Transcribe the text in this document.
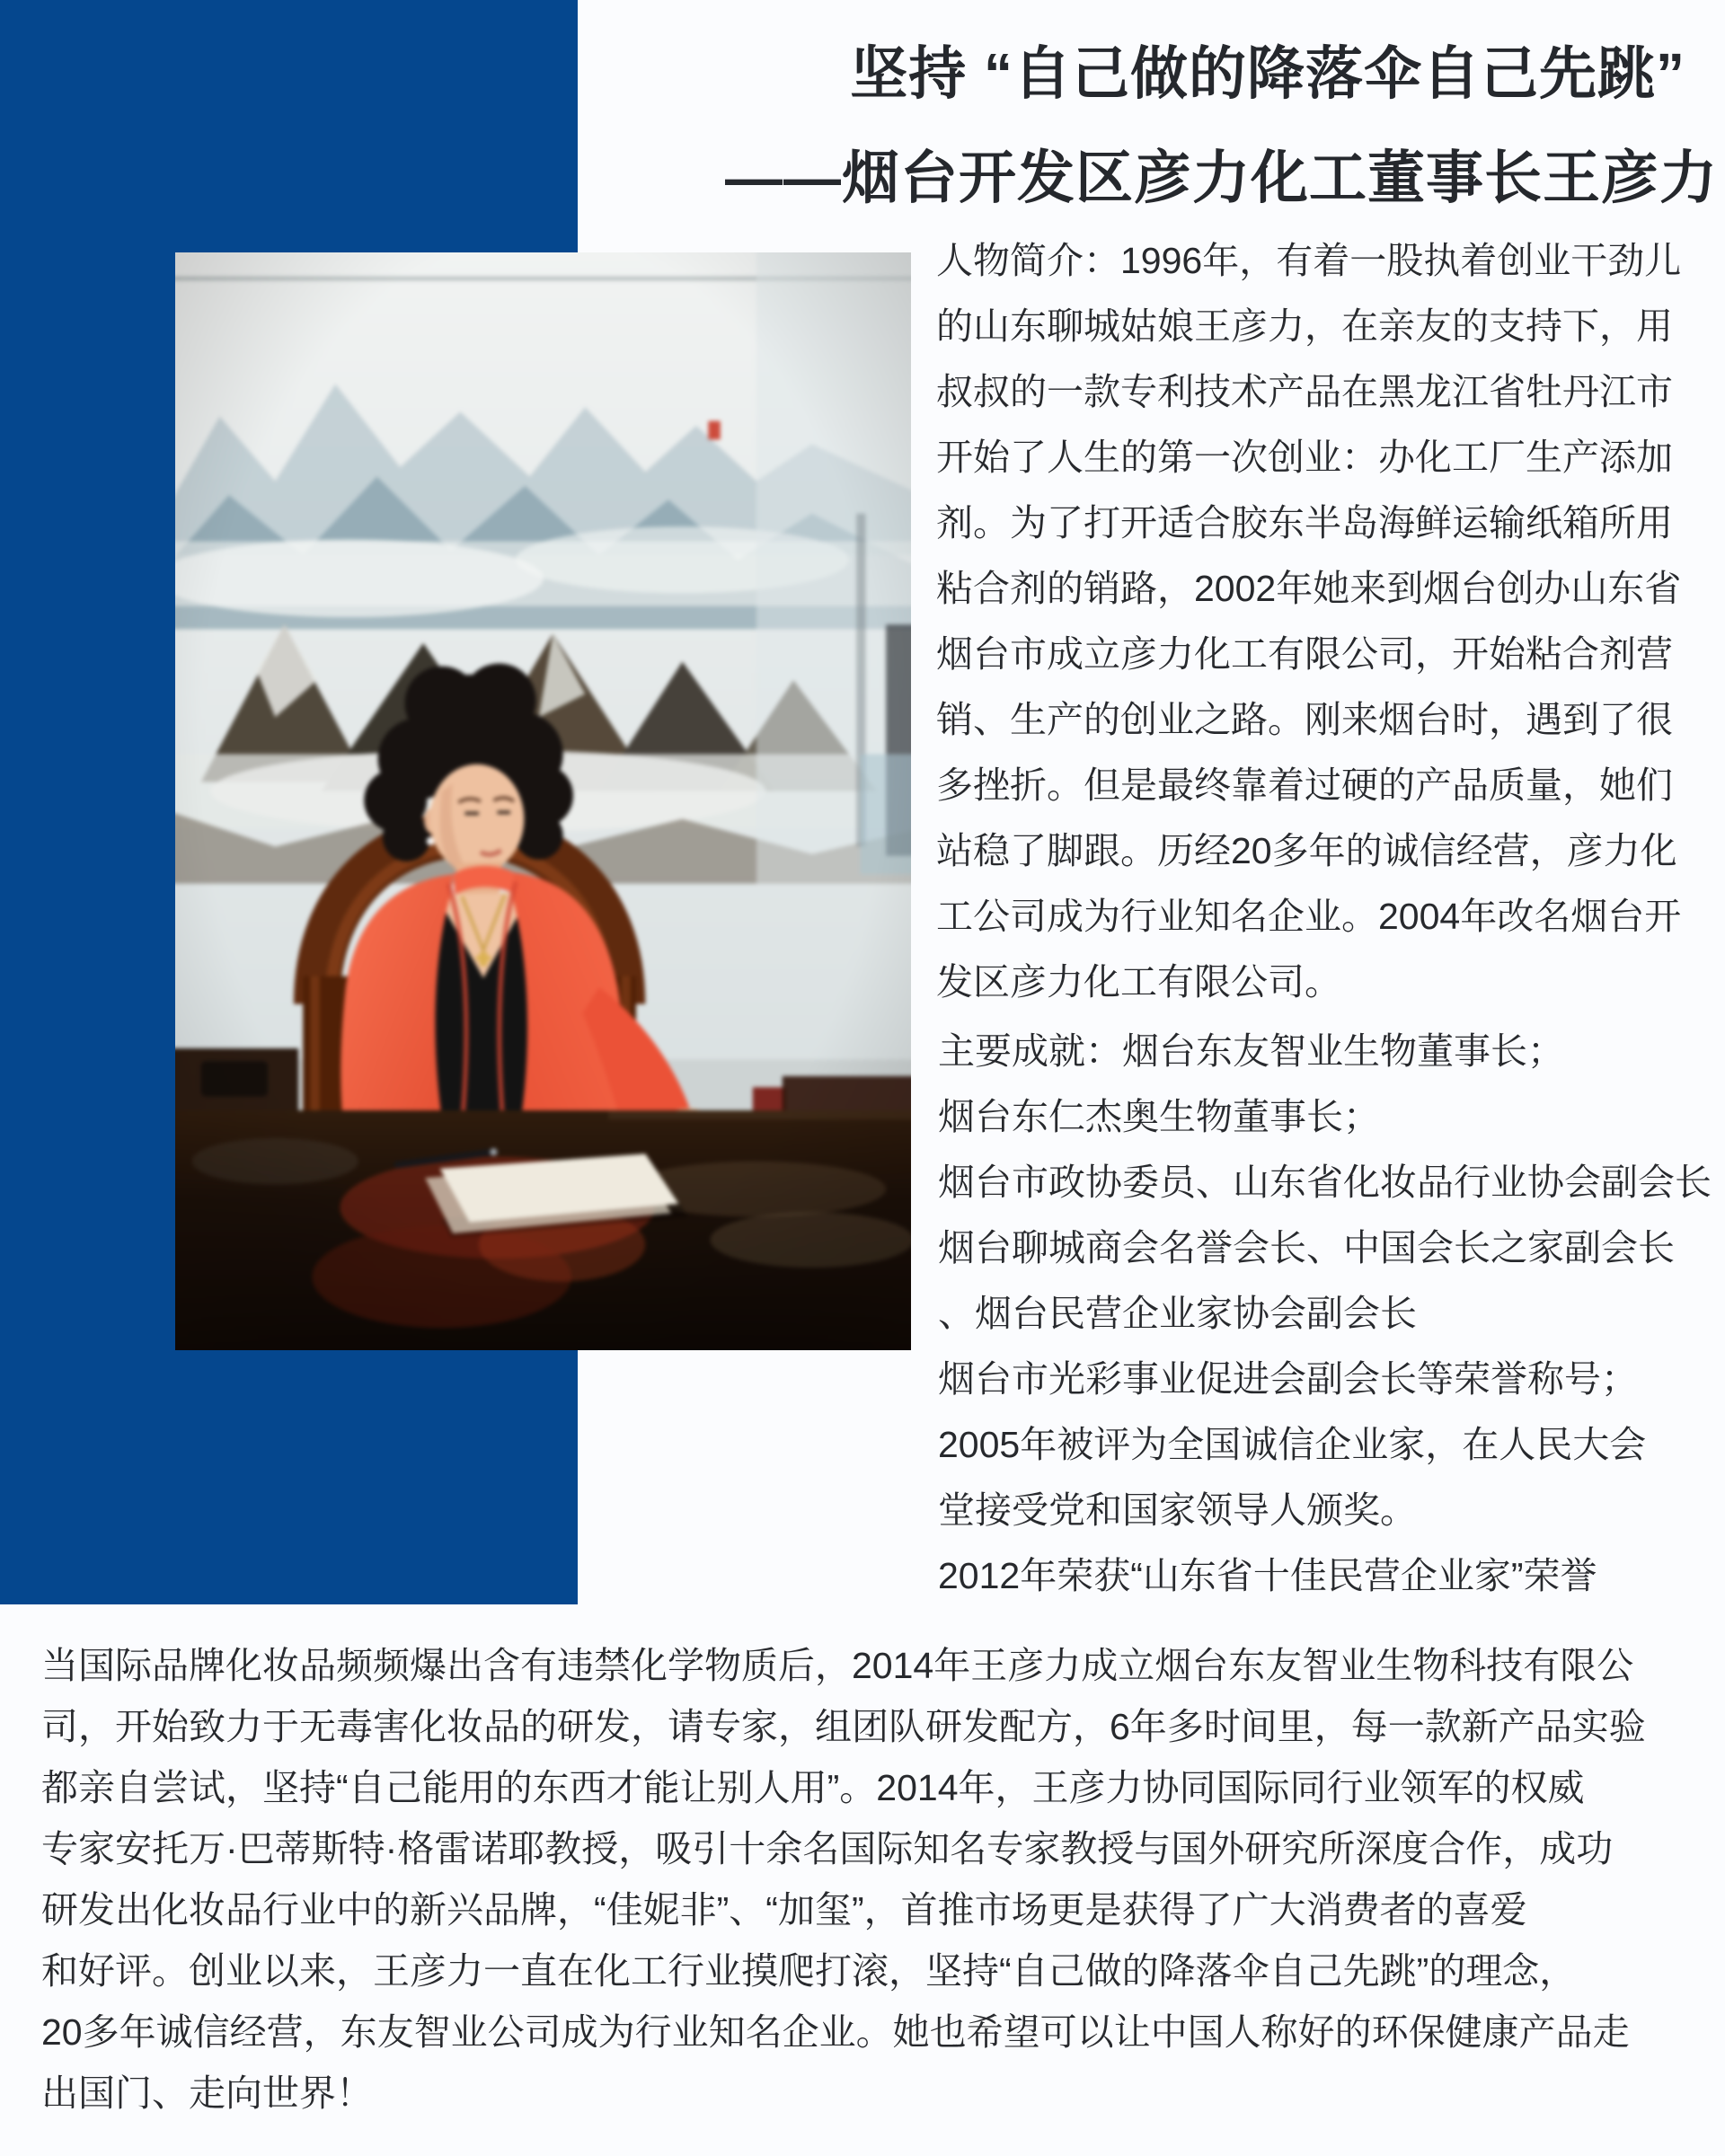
坚持 “自己做的降落伞自己先跳”
——烟台开发区彦力化工董事长王彦力
人物简介：1996年，有着一股执着创业干劲儿
的山东聊城姑娘王彦力，在亲友的支持下，用
叔叔的一款专利技术产品在黑龙江省牡丹江市
开始了人生的第一次创业：办化工厂生产添加
剂。为了打开适合胶东半岛海鲜运输纸箱所用
粘合剂的销路，2002年她来到烟台创办山东省
烟台市成立彦力化工有限公司，开始粘合剂营
销、生产的创业之路。刚来烟台时，遇到了很
多挫折。但是最终靠着过硬的产品质量，她们
站稳了脚跟。历经20多年的诚信经营，彦力化
工公司成为行业知名企业。2004年改名烟台开
发区彦力化工有限公司。
主要成就：烟台东友智业生物董事长；
烟台东仁杰奥生物董事长；
烟台市政协委员、山东省化妆品行业协会副会长
烟台聊城商会名誉会长、中国会长之家副会长
、烟台民营企业家协会副会长
烟台市光彩事业促进会副会长等荣誉称号；
2005年被评为全国诚信企业家，在人民大会
堂接受党和国家领导人颁奖。
2012年荣获“山东省十佳民营企业家”荣誉
当国际品牌化妆品频频爆出含有违禁化学物质后，2014年王彦力成立烟台东友智业生物科技有限公
司，开始致力于无毒害化妆品的研发，请专家，组团队研发配方，6年多时间里，每一款新产品实验
都亲自尝试，坚持“自己能用的东西才能让别人用”。2014年，王彦力协同国际同行业领军的权威
专家安托万·巴蒂斯特·格雷诺耶教授，吸引十余名国际知名专家教授与国外研究所深度合作，成功
研发出化妆品行业中的新兴品牌，“佳妮非”、“加玺”，首推市场更是获得了广大消费者的喜爱
和好评。创业以来，王彦力一直在化工行业摸爬打滚，坚持“自己做的降落伞自己先跳”的理念，
20多年诚信经营，东友智业公司成为行业知名企业。她也希望可以让中国人称好的环保健康产品走
出国门、走向世界！
